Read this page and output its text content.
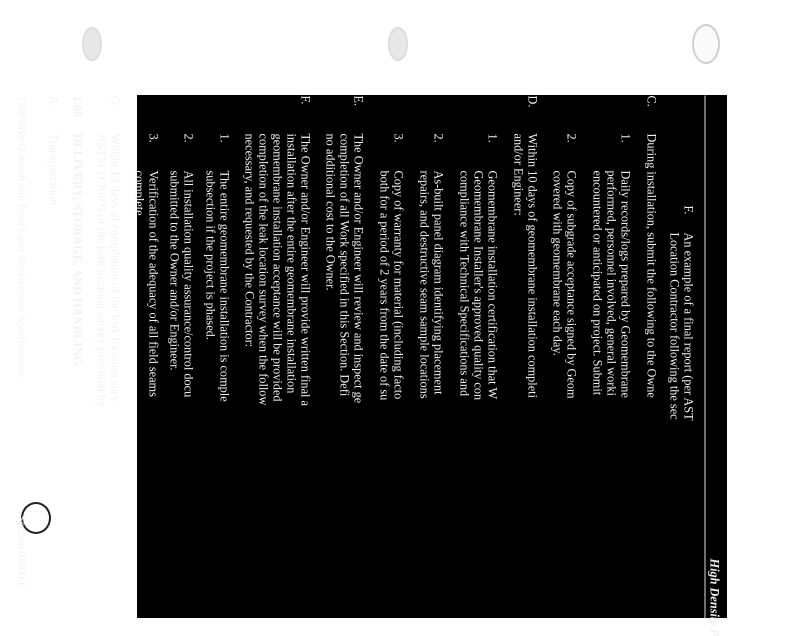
High Density P
F.
An example of a final report (per AST
Location Contractor following the sec
C.
During installation, submit the following to the Owne
1.
Daily records/logs prepared by Geomembrane
performed, personnel involved, general worki
encountered or anticipated on project. Submit
2.
Copy of subgrade acceptance signed by Geom
covered with geomembrane each day.
D.
Within 10 days of geomembrane installation completi
and/or Engineer:
1.
Geomembrane installation certification that W
Geomembrane Installer's approved quality con
compliance with Technical Specifications and
2.
As-built panel diagram identifying placement
repairs, and destructive seam sample locations
3.
Copy of warranty for material (including facto
both for a period of 2 years from the date of su
E.
The Owner and/or Engineer will review and inspect ge
completion of all Work specified in this Section. Defi
no additional cost to the Owner.
F.
The Owner and/or Engineer will provide written final a
installation after the entire geomembrane installation
geomembrane installation acceptance will be provided
completion of the leak location survey when the follow
necessary, and requested by the Contractor:
1.
The entire geomembrane installation is comple
subsection if the project is phased.
2.
All installation quality assurance/control docu
submitted to the Owner and/or Engineer.
3.
Verification of the adequacy of all field seams
complete.
G.
Within 14 days of completion of the leak location surv
ASTM D 7007) of the leak location survey provided by
1.06
DELIVERY, STORAGE, AND HANDLING
A.
Transportation:
1300 MW/G-South Ash Pond Liner Replacement Specifications
Section 02600-6
